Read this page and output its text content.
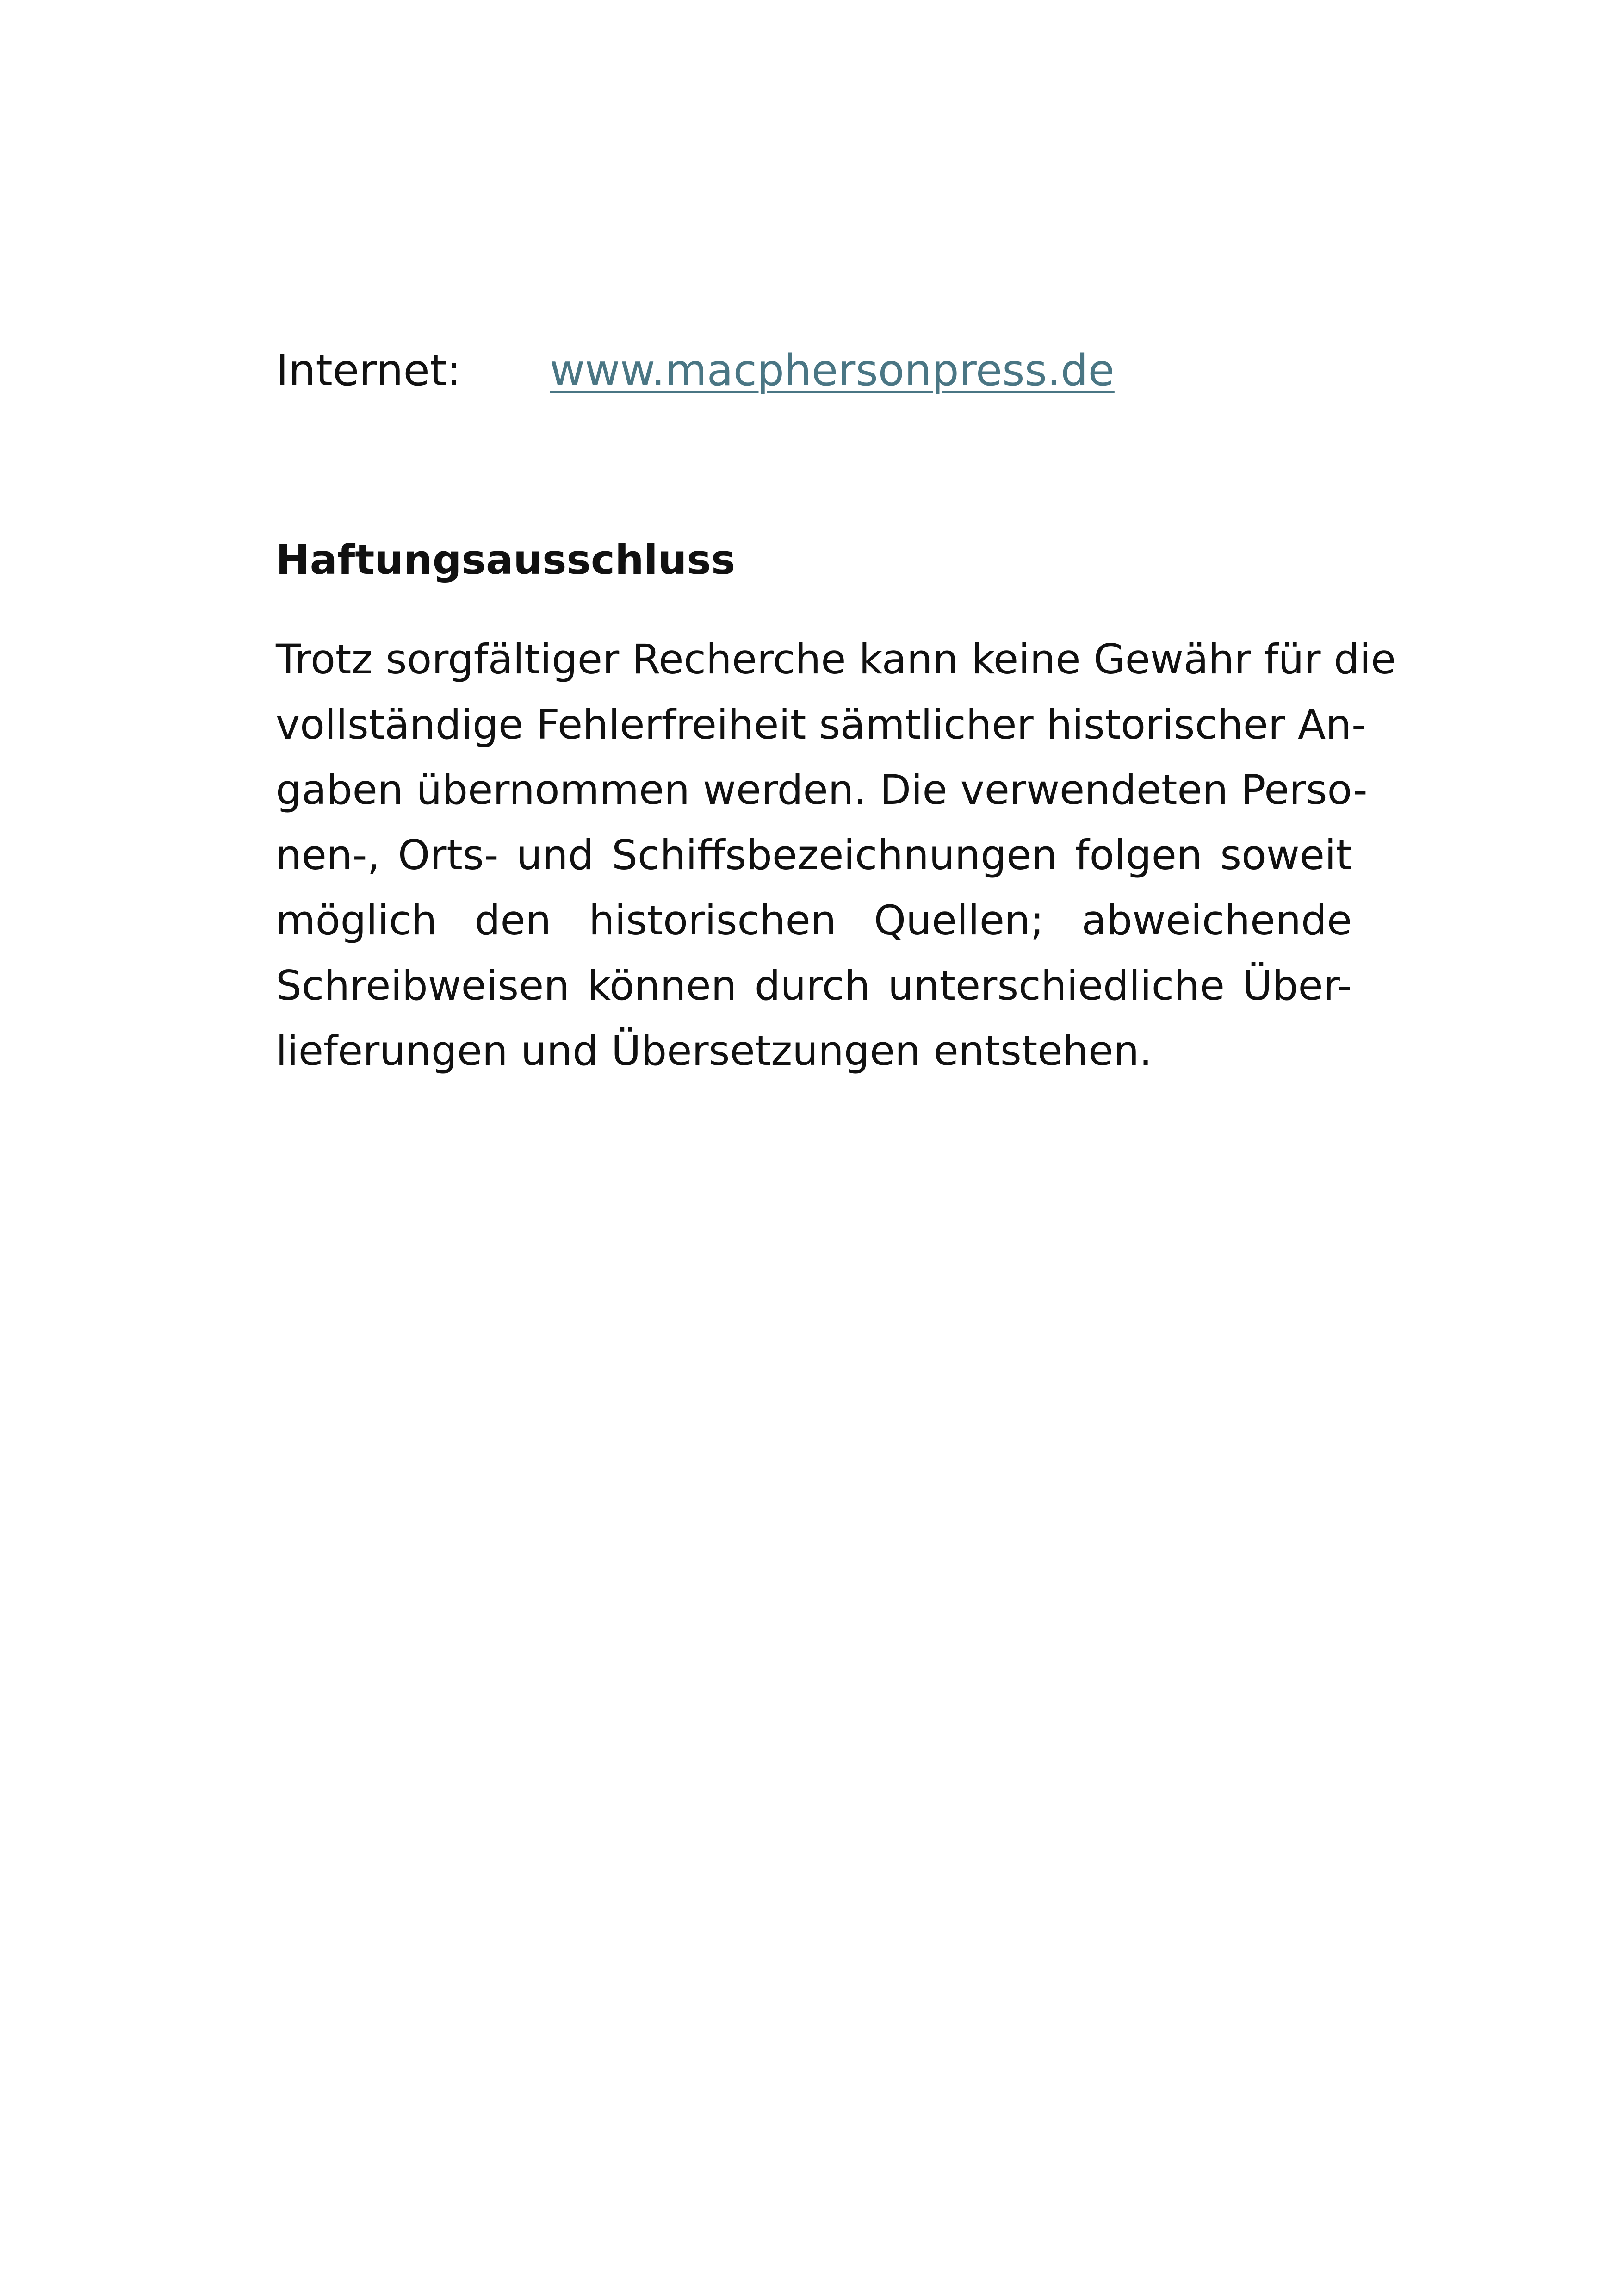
Internet: www.macphersonpress.de
Haftungsausschluss

Trotz sorgfältiger Recherche kann keine Gewähr für die
vollständige Fehlerfreiheit sämtlicher historischer An-
gaben übernommen werden. Die verwendeten Perso-
nen-, Orts- und Schiffsbezeichnungen folgen soweit
möglich den historischen Quellen; abweichende
Schreibweisen können durch unterschiedliche Über-
lieferungen und Übersetzungen entstehen.
